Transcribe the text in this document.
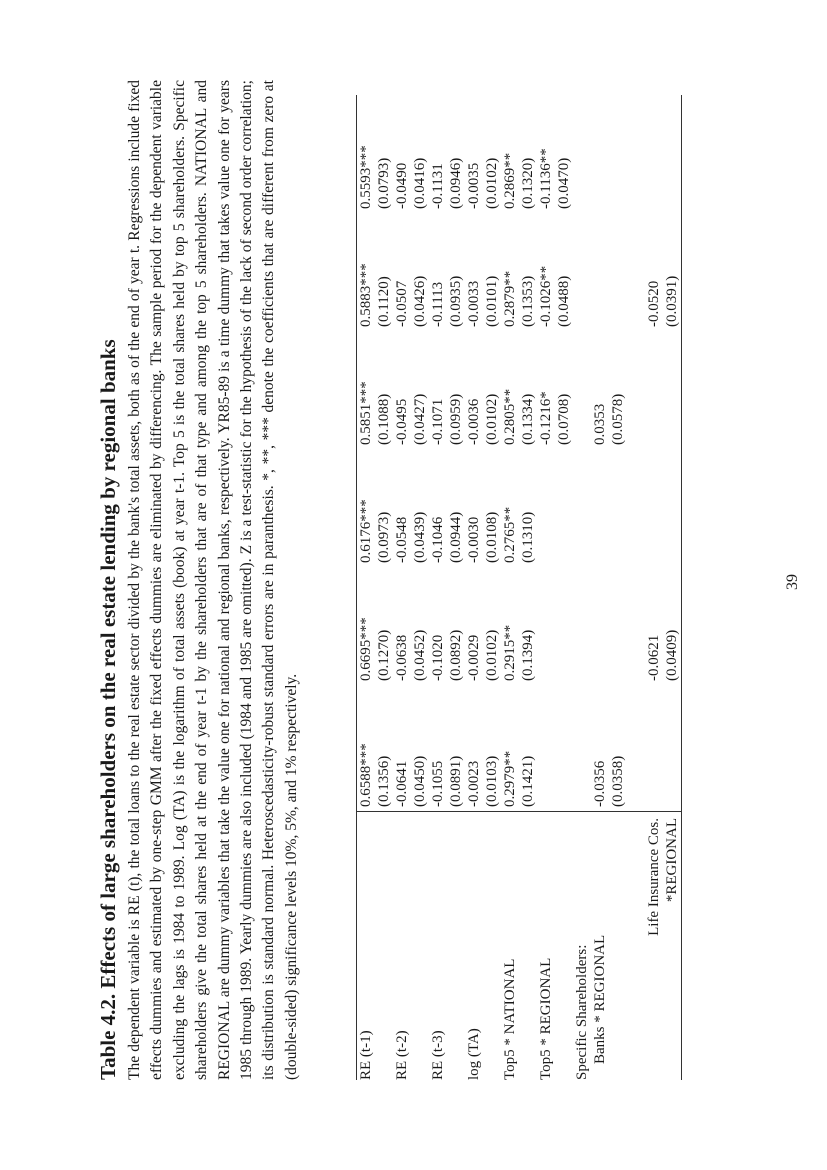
Table 4.2. Effects of large shareholders on the real estate lending by regional banks The dependent variable is RE (t), the total loans to the real estate sector divided by the bank's total assets, both as of the end of year t. Regressions include fixed effects dummies and estimated by one-step GMM after the fixed effects dummies are eliminated by differencing. The sample period for the dependent variable excluding the lags is 1984 to 1989. Log (TA) is the logarithm of total assets (book) at year t-1. Top 5 is the total shares held by top 5 shareholders. Specific shareholders give the total shares held at the end of year t-1 by the shareholders that are of that type and among the top 5 shareholders. NATIONAL and REGIONAL are dummy variables that take the value one for national and regional banks, respectively. YR85-89 is a time dummy that takes value one for years 1985 through 1989. Yearly dummies are also included (1984 and 1985 are omitted). Z is a test-statistic for the hypothesis of the lack of second order correlation; its distribution is standard normal. Heteroscedasticity-robust standard errors are in paranthesis. *, **, *** denote the coefficients that are different from zero at (double-sided) significance levels 10%, 5%, and 1% respectively.	RE (t-1)	0.6588***	0.6695***	0.6176***	0.5851***	0.5883***	0.5593***
	(0.1356)	(0.1270)	(0.0973)	(0.1088)	(0.1120)	(0.0793)
RE (t-2)	-0.0641	-0.0638	-0.0548	-0.0495	-0.0507	-0.0490
	(0.0450)	(0.0452)	(0.0439)	(0.0427)	(0.0426)	(0.0416)
RE (t-3)	-0.1055	-0.1020	-0.1046	-0.1071	-0.1113	-0.1131
	(0.0891)	(0.0892)	(0.0944)	(0.0959)	(0.0935)	(0.0946)
log (TA)	-0.0023	-0.0029	-0.0030	-0.0036	-0.0033	-0.0035
	(0.0103)	(0.0102)	(0.0108)	(0.0102)	(0.0101)	(0.0102)
Top5 * NATIONAL	0.2979**	0.2915**	0.2765**	0.2805**	0.2879**	0.2869**
	(0.1421)	(0.1394)	(0.1310)	(0.1334)	(0.1353)	(0.1320)
Top5 * REGIONAL				-0.1216*	-0.1026**	-0.1136**
				(0.0708)	(0.0488)	(0.0470)
Specific Shareholders:						
Banks * REGIONAL	-0.0356			0.0353		
	(0.0358)			(0.0578)		

Life Insurance Cos.		-0.0621			-0.0520	
*REGIONAL		(0.0409)			(0.0391)	
39
